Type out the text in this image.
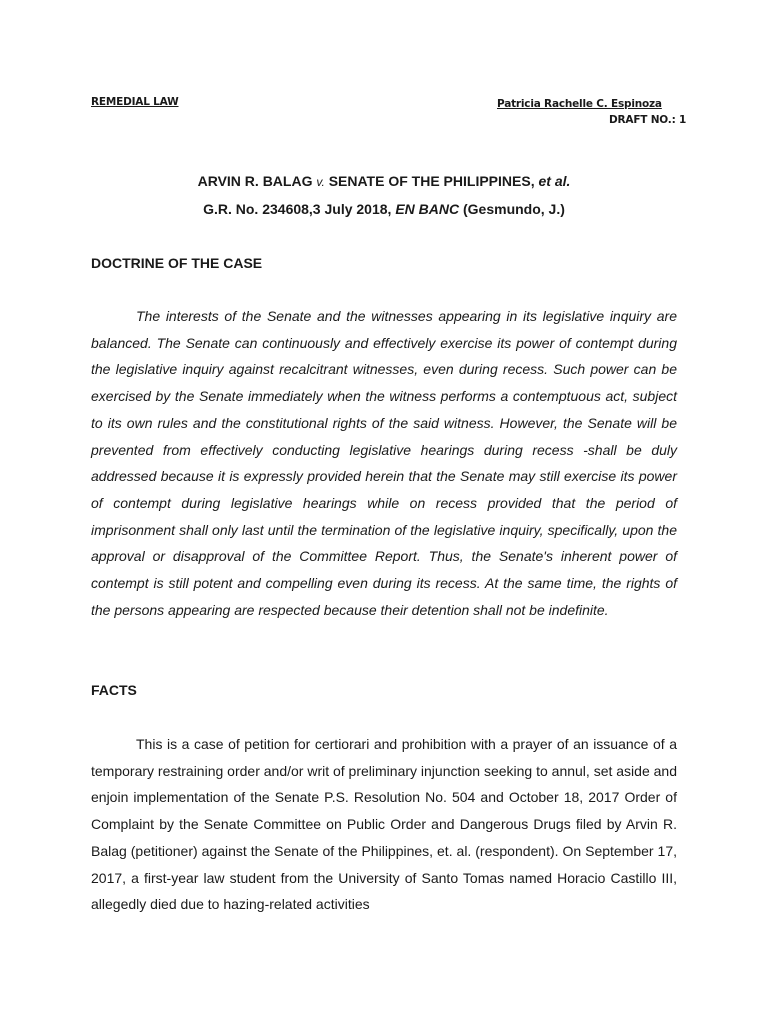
REMEDIAL LAW	Patricia Rachelle C. Espinoza
DRAFT NO.: 1
ARVIN R. BALAG v. SENATE OF THE PHILIPPINES, et al.
G.R. No. 234608,3 July 2018, EN BANC (Gesmundo, J.)
DOCTRINE OF THE CASE

The interests of the Senate and the witnesses appearing in its legislative inquiry are balanced. The Senate can continuously and effectively exercise its power of contempt during the legislative inquiry against recalcitrant witnesses, even during recess. Such power can be exercised by the Senate immediately when the witness performs a contemptuous act, subject to its own rules and the constitutional rights of the said witness. However, the Senate will be prevented from effectively conducting legislative hearings during recess -shall be duly addressed because it is expressly provided herein that the Senate may still exercise its power of contempt during legislative hearings while on recess provided that the period of imprisonment shall only last until the termination of the legislative inquiry, specifically, upon the approval or disapproval of the Committee Report. Thus, the Senate's inherent power of contempt is still potent and compelling even during its recess. At the same time, the rights of the persons appearing are respected because their detention shall not be indefinite.

FACTS

This is a case of petition for certiorari and prohibition with a prayer of an issuance of a temporary restraining order and/or writ of preliminary injunction seeking to annul, set aside and enjoin implementation of the Senate P.S. Resolution No. 504 and October 18, 2017 Order of Complaint by the Senate Committee on Public Order and Dangerous Drugs filed by Arvin R. Balag (petitioner) against the Senate of the Philippines, et. al. (respondent). On September 17, 2017, a first-year law student from the University of Santo Tomas named Horacio Castillo III, allegedly died due to hazing-related activities
